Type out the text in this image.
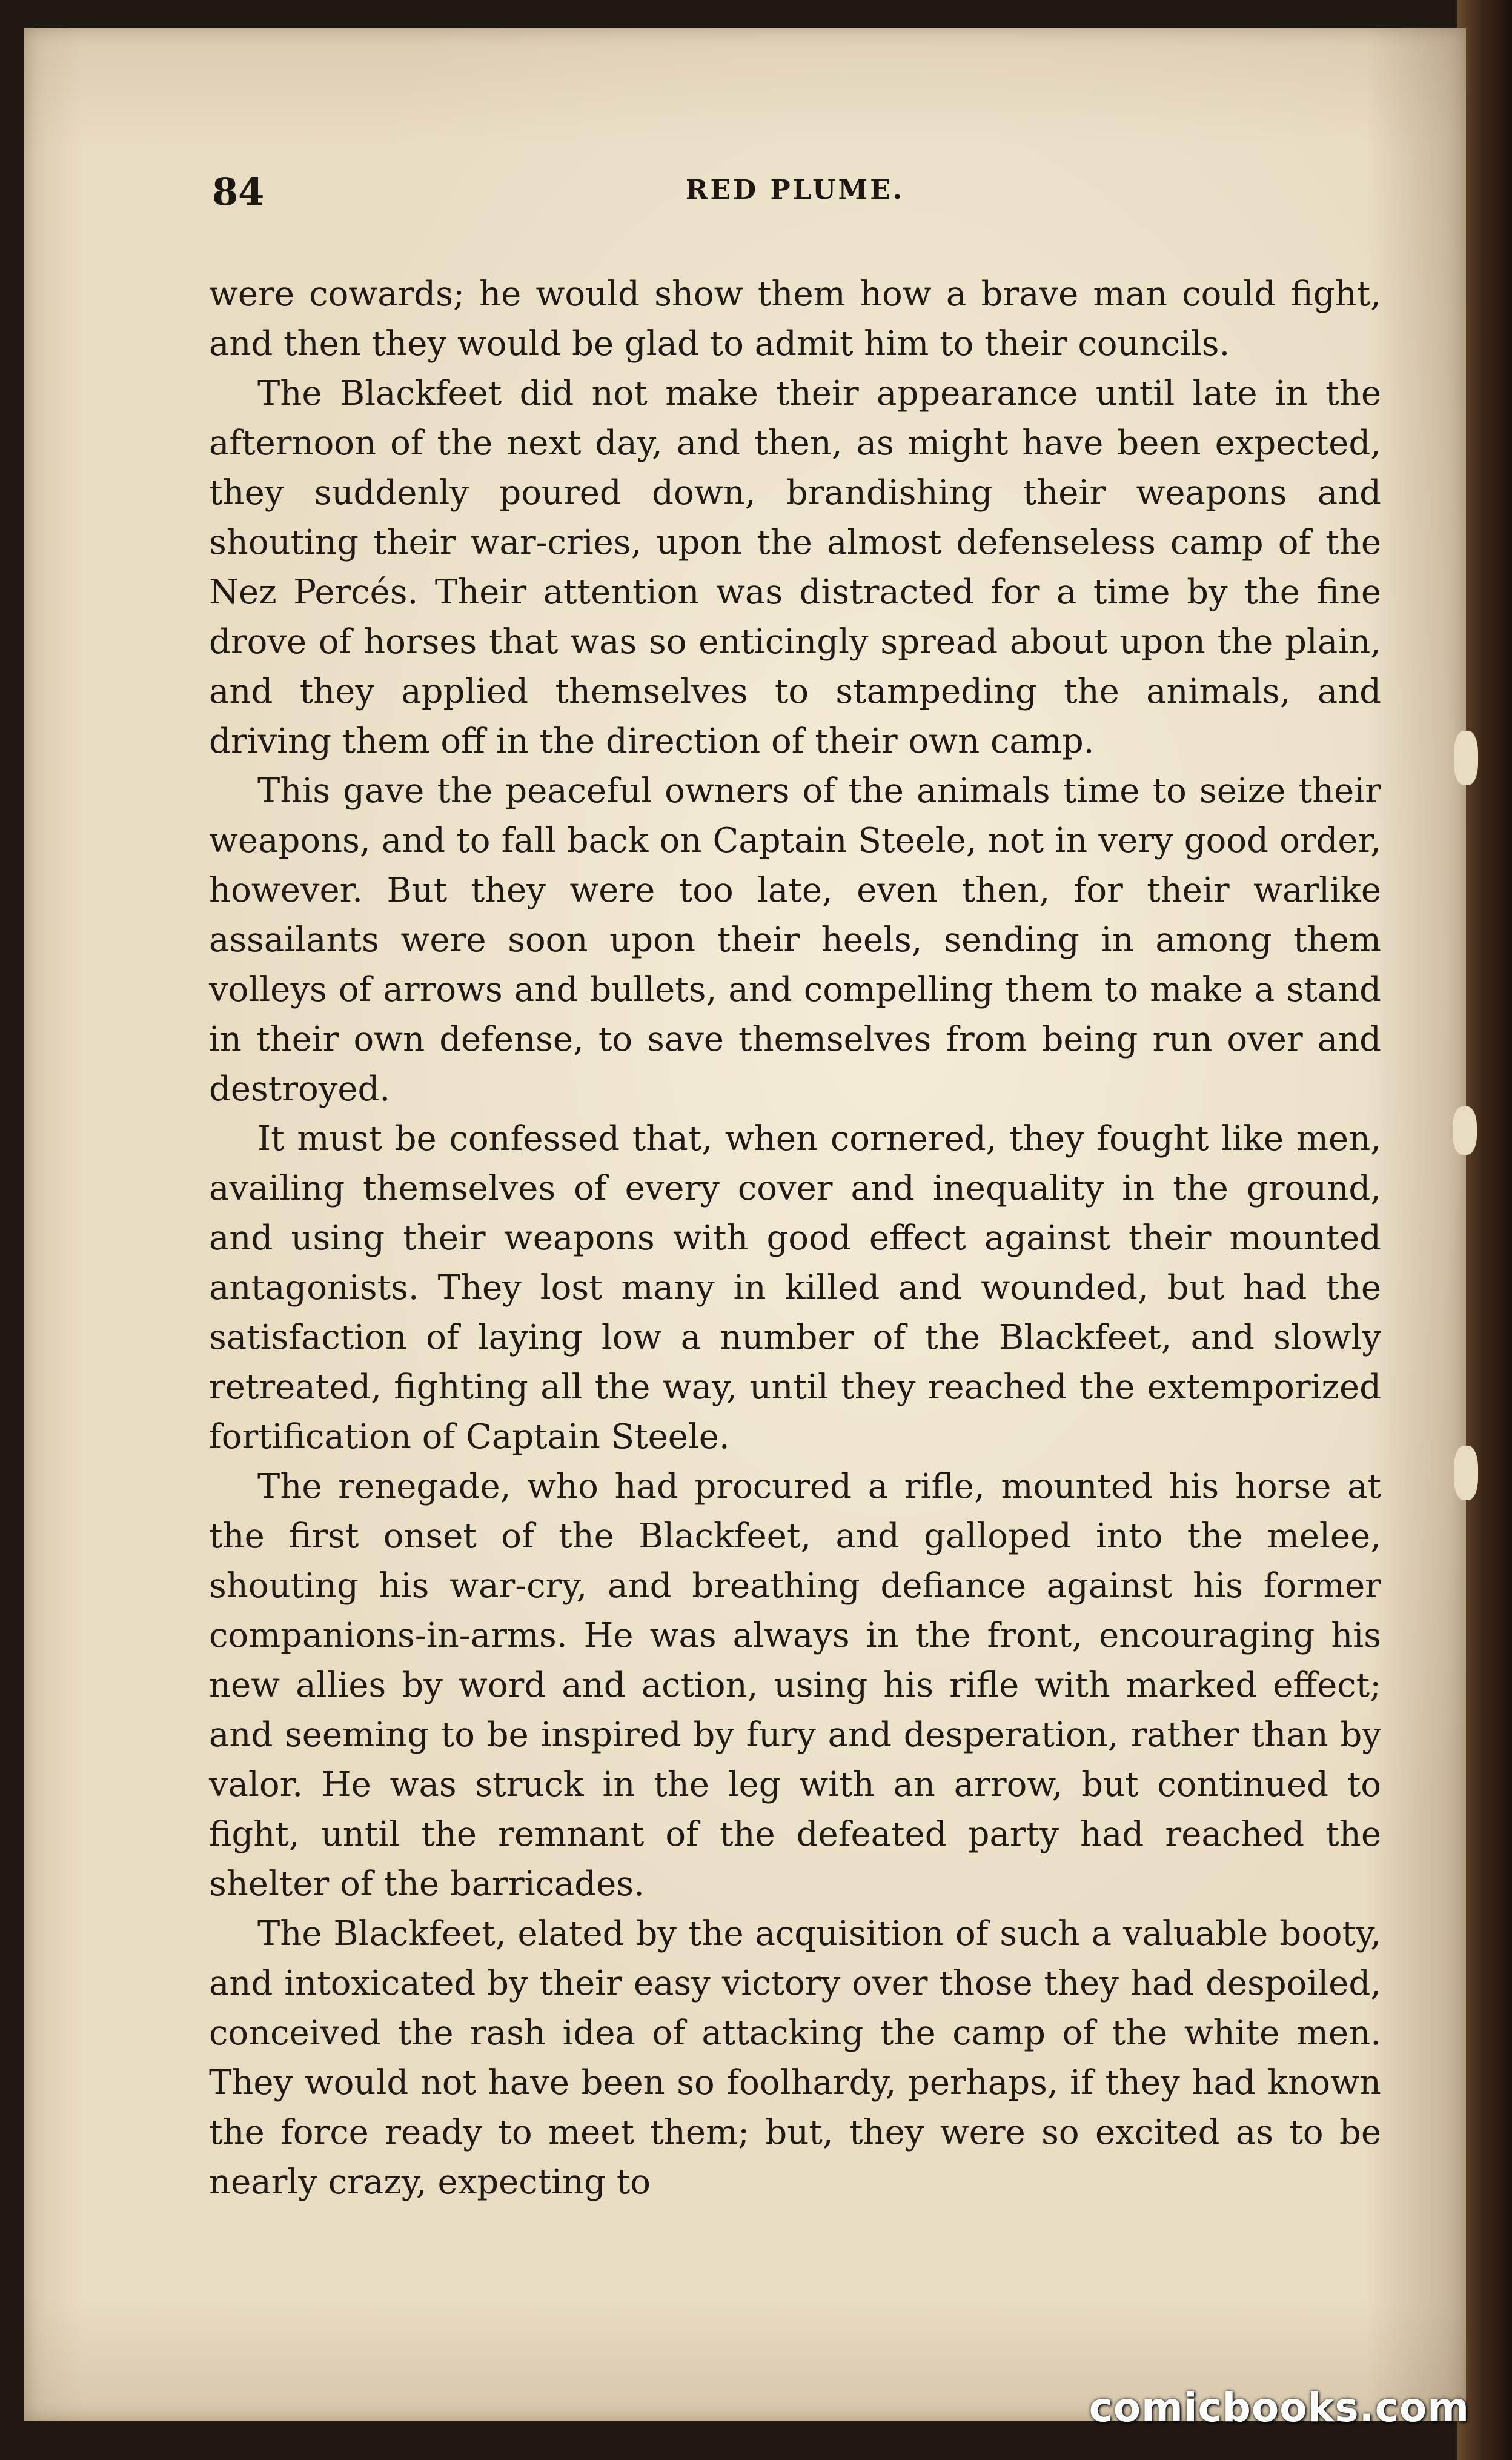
84	RED PLUME.

were cowards; he would show them how a brave man could fight, and then they would be glad to admit him to their councils.

The Blackfeet did not make their appearance until late in the afternoon of the next day, and then, as might have been expected, they suddenly poured down, brandishing their weapons and shouting their war-cries, upon the almost defenseless camp of the Nez Percés. Their attention was distracted for a time by the fine drove of horses that was so enticingly spread about upon the plain, and they applied themselves to stampeding the animals, and driving them off in the direction of their own camp.

This gave the peaceful owners of the animals time to seize their weapons, and to fall back on Captain Steele, not in very good order, however. But they were too late, even then, for their warlike assailants were soon upon their heels, sending in among them volleys of arrows and bullets, and compelling them to make a stand in their own defense, to save themselves from being run over and destroyed.

It must be confessed that, when cornered, they fought like men, availing themselves of every cover and inequality in the ground, and using their weapons with good effect against their mounted antagonists. They lost many in killed and wounded, but had the satisfaction of laying low a number of the Blackfeet, and slowly retreated, fighting all the way, until they reached the extemporized fortification of Captain Steele.

The renegade, who had procured a rifle, mounted his horse at the first onset of the Blackfeet, and galloped into the melee, shouting his war-cry, and breathing defiance against his former companions-in-arms. He was always in the front, encouraging his new allies by word and action, using his rifle with marked effect; and seeming to be inspired by fury and desperation, rather than by valor. He was struck in the leg with an arrow, but continued to fight, until the remnant of the defeated party had reached the shelter of the barricades.

The Blackfeet, elated by the acquisition of such a valuable booty, and intoxicated by their easy victory over those they had despoiled, conceived the rash idea of attacking the camp of the white men. They would not have been so foolhardy, perhaps, if they had known the force ready to meet them; but, they were so excited as to be nearly crazy, expecting to

comicbooks.com
